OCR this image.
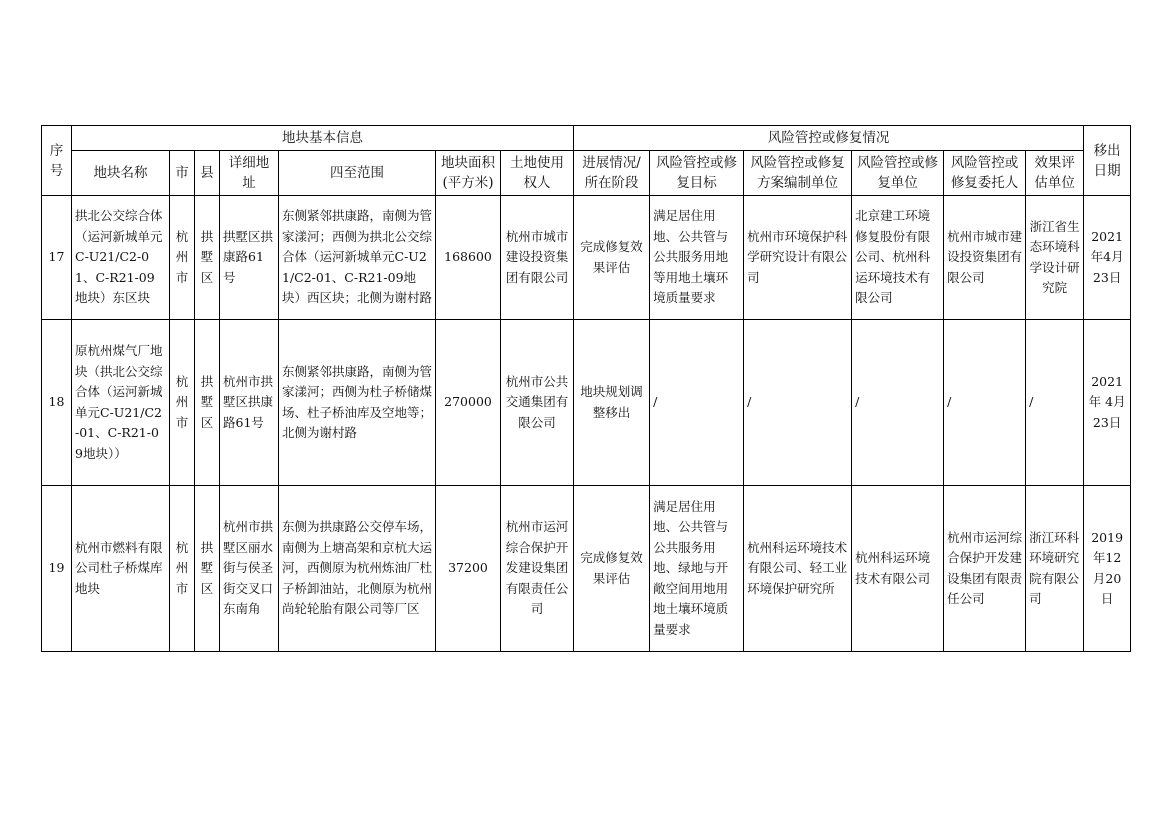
序号	地块基本信息							风险管控或修复情况						移出日期
	地块名称	市	县	详细地址	四至范围	地块面积(平方米)	土地使用权人	进展情况/所在阶段	风险管控或修复目标	风险管控或修复方案编制单位	风险管控或修复单位	风险管控或修复委托人	效果评估单位	
17	拱北公交综合体（运河新城单元C-U21/C2-01、C-R21-09地块）东区块	杭州市	拱墅区	拱墅区拱康路61号	东侧紧邻拱康路，南侧为管家漾河；西侧为拱北公交综合体（运河新城单元C-U21/C2-01、C-R21-09地块）西区块；北侧为谢村路	168600	杭州市城市建设投资集团有限公司	完成修复效果评估	满足居住用地、公共管与公共服务用地等用地土壤环境质量要求	杭州市环境保护科学研究设计有限公司	北京建工环境修复股份有限公司、杭州科运环境技术有限公司	杭州市城市建设投资集团有限公司	浙江省生态环境科学设计研究院	2021年4月23日
18	原杭州煤气厂地块（拱北公交综合体（运河新城单元C-U21/C2-01、C-R21-09地块））	杭州市	拱墅区	杭州市拱墅区拱康路61号	东侧紧邻拱康路，南侧为管家漾河；西侧为杜子桥储煤场、杜子桥油库及空地等；北侧为谢村路	270000	杭州市公共交通集团有限公司	地块规划调整移出	/	/	/	/	/	2021年 4月23日
19	杭州市燃料有限公司杜子桥煤库地块	杭州市	拱墅区	杭州市拱墅区丽水街与侯圣街交叉口东南角	东侧为拱康路公交停车场，南侧为上塘高架和京杭大运河，西侧原为杭州炼油厂杜子桥卸油站，北侧原为杭州尚轮轮胎有限公司等厂区	37200	杭州市运河综合保护开发建设集团有限责任公司	完成修复效果评估	满足居住用地、公共管与公共服务用地、绿地与开敞空间用地用地土壤环境质量要求	杭州科运环境技术有限公司、轻工业环境保护研究所	杭州科运环境技术有限公司	杭州市运河综合保护开发建设集团有限责任公司	浙江环科环境研究院有限公司	2019年12月20日
